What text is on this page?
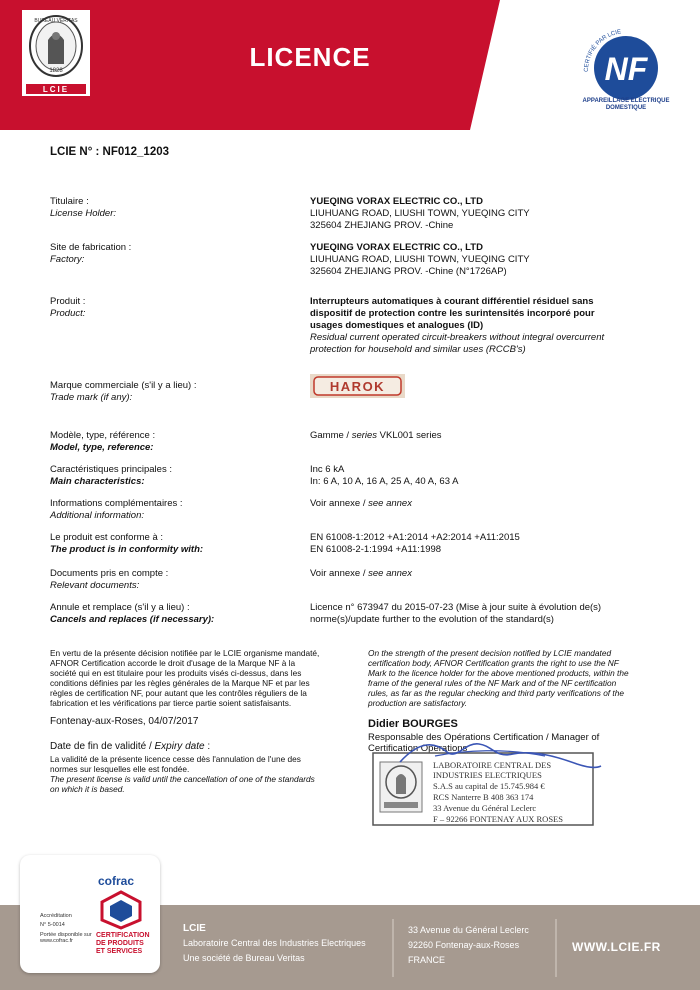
BUREAU VERITAS
1828
LCIE
LICENCE	CERTIFIÉ PAR LCIE
NF
APPAREILLAGE ELECTRIQUE
DOMESTIQUE
LCIE N° : NF012_1203
Titulaire :
License Holder:
YUEQING VORAX ELECTRIC CO., LTD
LIUHUANG ROAD, LIUSHI TOWN, YUEQING CITY
325604 ZHEJIANG PROV. -Chine
Site de fabrication :
Factory:
YUEQING VORAX ELECTRIC CO., LTD
LIUHUANG ROAD, LIUSHI TOWN, YUEQING CITY
325604 ZHEJIANG PROV. -Chine (N°1726AP)
Produit :
Product:
Interrupteurs automatiques à courant différentiel résiduel sans
dispositif de protection contre les surintensités incorporé pour
usages domestiques et analogues (ID)
Residual current operated circuit-breakers without integral overcurrent
protection for household and similar uses (RCCB's)
Marque commerciale (s'il y a lieu) :
Trade mark (if any):
HAROK
Modèle, type, référence :
Model, type, reference:
Gamme / series VKL001 series
Caractéristiques principales :
Main characteristics:
Inc 6 kA
In: 6 A, 10 A, 16 A, 25 A, 40 A, 63 A
Informations complémentaires :
Additional information:
Voir annexe / see annex
Le produit est conforme à :
The product is in conformity with:
EN 61008-1:2012 +A1:2014 +A2:2014 +A11:2015
EN 61008-2-1:1994 +A11:1998
Documents pris en compte :
Relevant documents:
Voir annexe / see annex
Annule et remplace (s'il y a lieu) :
Cancels and replaces (if necessary):
Licence n° 673947 du 2015-07-23 (Mise à jour suite à évolution de(s)
norme(s)/update further to the evolution of the standard(s)
En vertu de la présente décision notifiée par le LCIE organisme mandaté,
AFNOR Certification accorde le droit d'usage de la Marque NF à la
société qui en est titulaire pour les produits visés ci-dessus, dans les
conditions définies par les règles générales de la Marque NF et par les
règles de certification NF, pour autant que les contrôles réguliers de la
fabrication et les vérifications par tierce partie soient satisfaisants.
On the strength of the present decision notified by LCIE mandated
certification body, AFNOR Certification grants the right to use the NF
Mark to the licence holder for the above mentioned products, within the
frame of the general rules of the NF Mark and of the NF certification
rules, as far as the regular checking and third party verifications of the
production are satisfactory.
Fontenay-aux-Roses, 04/07/2017
Date de fin de validité / Expiry date :
La validité de la présente licence cesse dès l'annulation de l'une des
normes sur lesquelles elle est fondée.
The present license is valid until the cancellation of one of the standards
on which it is based.
Didier BOURGES
Responsable des Opérations Certification / Manager of
Certification Operations
LABORATOIRE CENTRAL DES
INDUSTRIES ELECTRIQUES
S.A.S au capital de 15.745.984 €
RCS Nanterre B 408 363 174
33 Avenue du Général Leclerc
F – 92266 FONTENAY AUX ROSES
cofrac
CERTIFICATION
DE PRODUITS
ET SERVICES
Accréditation
N° 5-0014
Portée disponible sur
www.cofrac.fr
LCIE
Laboratoire Central des Industries Electriques
Une société de Bureau Veritas
33 Avenue du Général Leclerc
92260 Fontenay-aux-Roses
FRANCE
WWW.LCIE.FR
